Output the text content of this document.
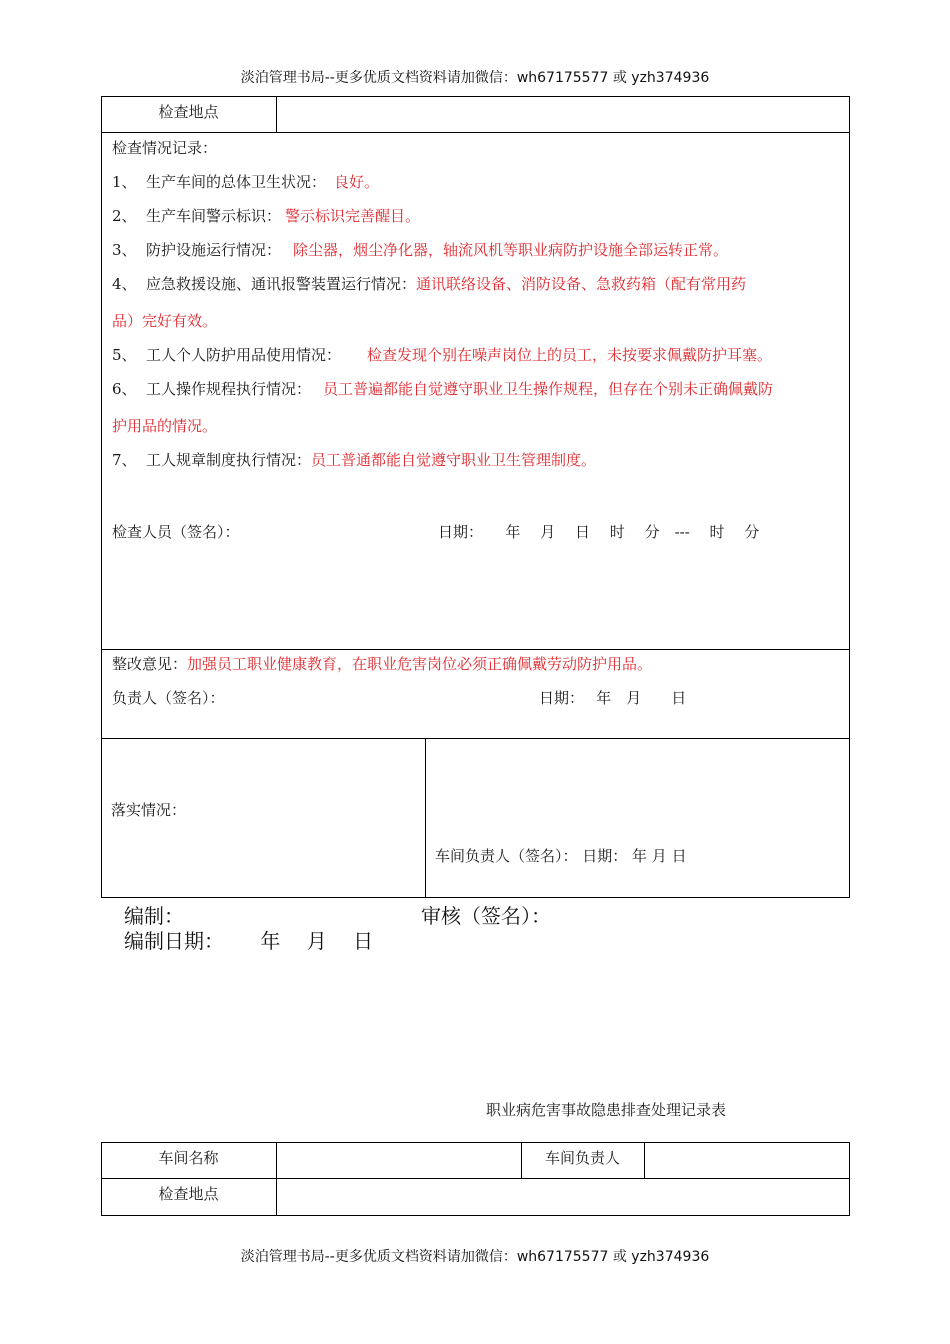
淡泊管理书局--更多优质文档资料请加微信：wh67175577 或 yzh374936
检查地点
检查情况记录：
1、 生产车间的总体卫生状况： 良好。
2、 生产车间警示标识： 警示标识完善醒目。
3、 防护设施运行情况： 除尘器，烟尘净化器，轴流风机等职业病防护设施全部运转正常。
4、 应急救援设施、通讯报警装置运行情况：通讯联络设备、消防设备、急救药箱（配有常用药
品）完好有效。
5、 工人个人防护用品使用情况： 检查发现个别在噪声岗位上的员工，未按要求佩戴防护耳塞。
6、 工人操作规程执行情况： 员工普遍都能自觉遵守职业卫生操作规程，但存在个别未正确佩戴防
护用品的情况。
7、 工人规章制度执行情况：员工普通都能自觉遵守职业卫生管理制度。
检查人员（签名）：	日期：　　年　 月　 日　 时　 分　---　 时　 分
整改意见：加强员工职业健康教育，在职业危害岗位必须正确佩戴劳动防护用品。
负责人（签名）：	日期：　 年　月　　日
落实情况：
车间负责人（签名）： 日期： 年 月 日
编制：	审核（签名）：
编制日期：　　 年　 月　 日
职业病危害事故隐患排查处理记录表
车间名称	车间负责人
检查地点
淡泊管理书局--更多优质文档资料请加微信：wh67175577 或 yzh374936
